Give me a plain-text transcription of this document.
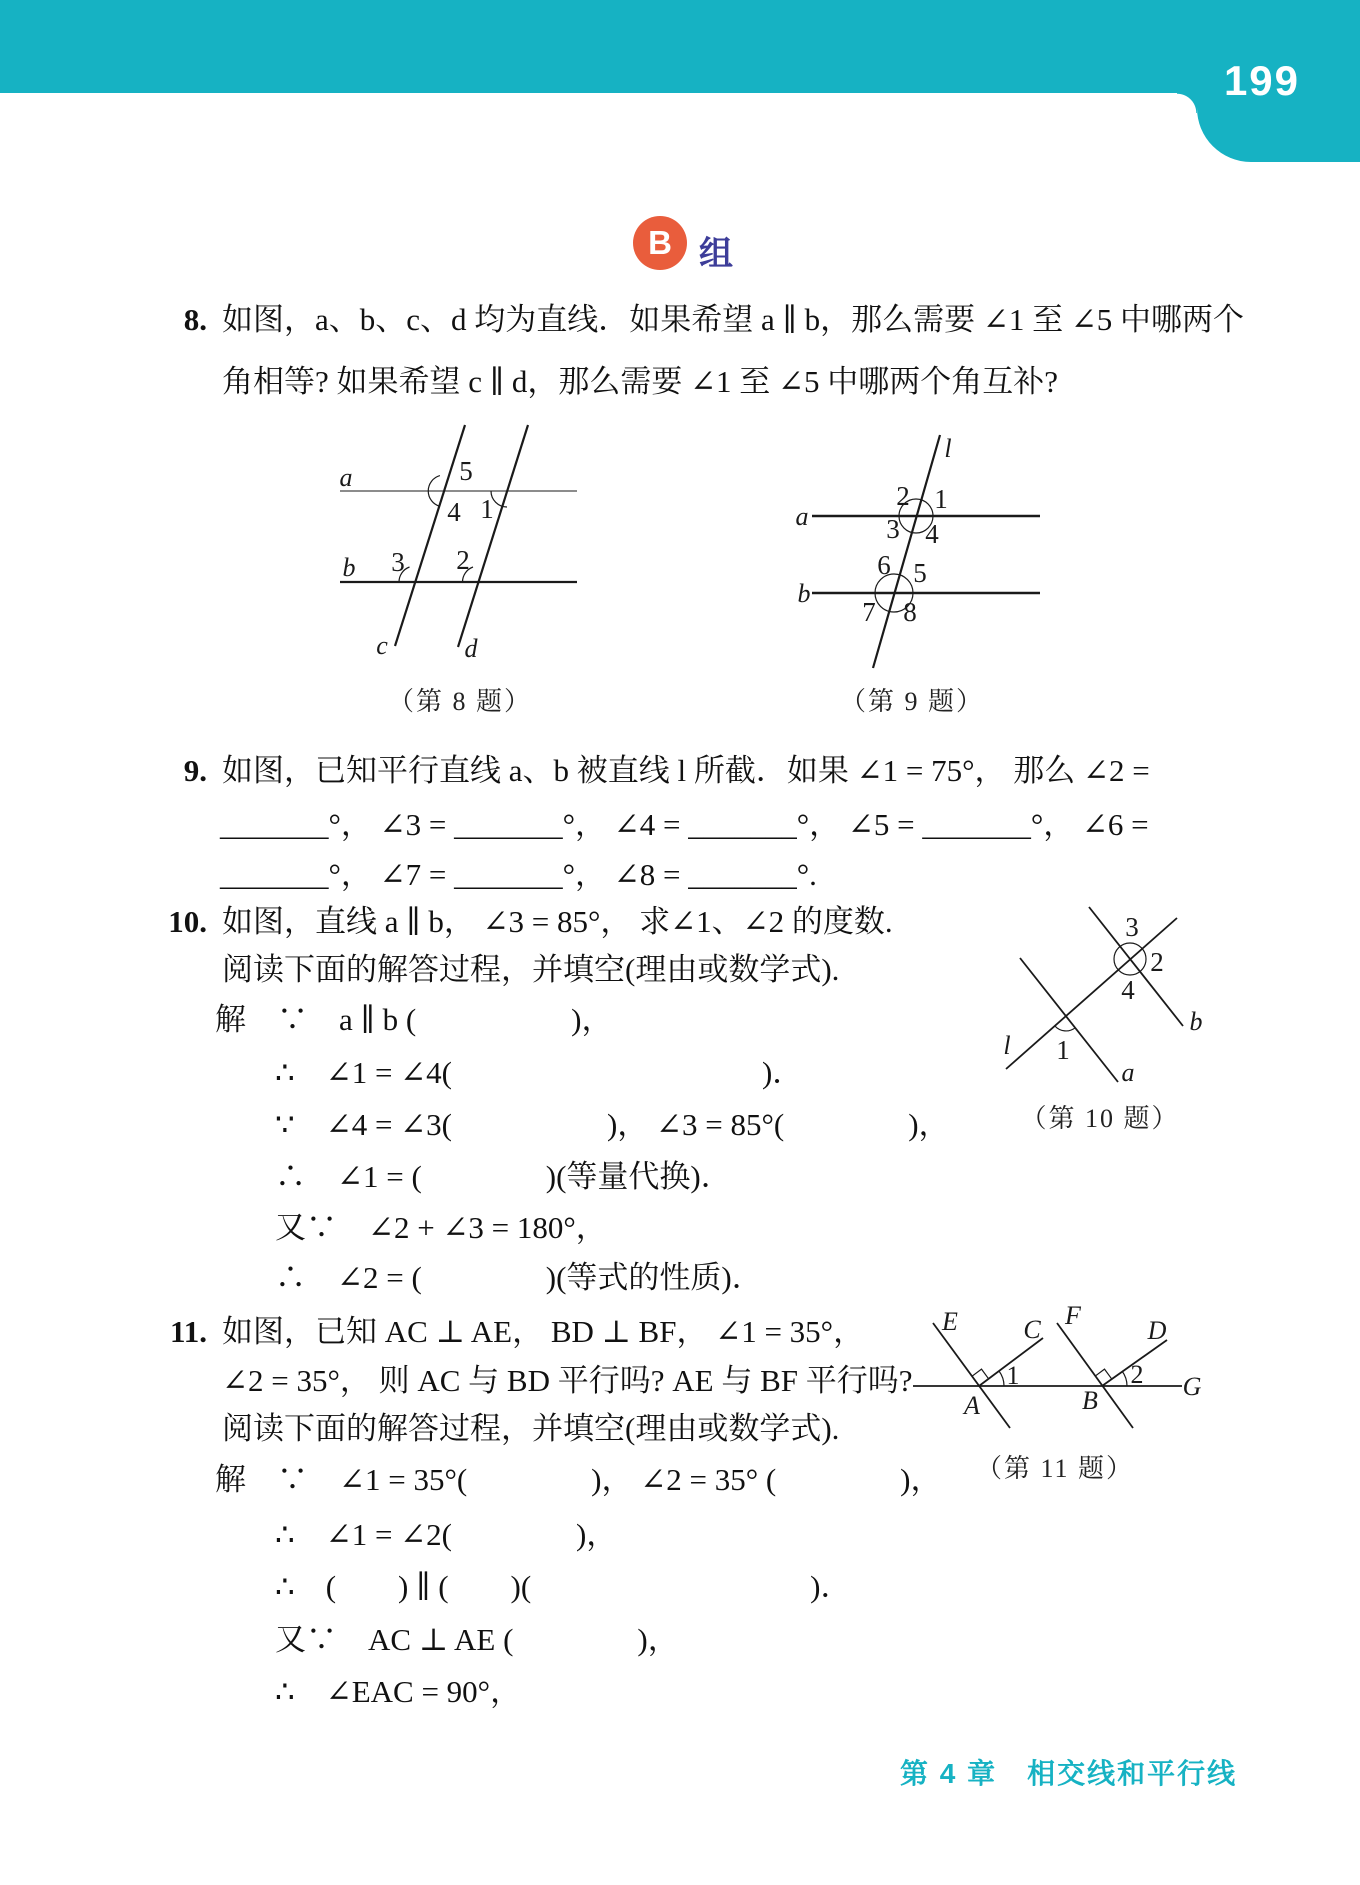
199
B 组
8. 如图，a、b、c、d 均为直线．如果希望 a ∥ b，那么需要 ∠1 至 ∠5 中哪两个
角相等? 如果希望 c ∥ d，那么需要 ∠1 至 ∠5 中哪两个角互补?
a
b
c	d
5
4 1
3 2
（第 8 题）
l
a
b
2 1
3 4
6 5
7 8
（第 9 题）
9. 如图，已知平行直线 a、b 被直线 l 所截．如果 ∠1 = 75°， 那么 ∠2 =
_______°， ∠3 = _______°， ∠4 = _______°， ∠5 = _______°， ∠6 =
_______°， ∠7 = _______°， ∠8 = _______°.
10. 如图，直线 a ∥ b， ∠3 = 85°， 求∠1、∠2 的度数.
阅读下面的解答过程，并填空(理由或数学式).
解　∵　a ∥ b (　　　　　)，
∴　∠1 = ∠4(　　　　　　　　　　)．
∵　∠4 = ∠3(　　　　　)， ∠3 = 85°(　　　　)，
∴　∠1 = (　　　　)(等量代换)．
又∵　∠2 + ∠3 = 180°，
∴　∠2 = (　　　　)(等式的性质)．
a
b
l
3
2
4
1
（第 10 题）
11. 如图，已知 AC ⊥ AE， BD ⊥ BF， ∠1 = 35°，
∠2 = 35°， 则 AC 与 BD 平行吗? AE 与 BF 平行吗?
阅读下面的解答过程，并填空(理由或数学式).
解　∵　∠1 = 35°(　　　　)， ∠2 = 35° (　　　　)，
∴　∠1 = ∠2(　　　　)，
∴　(　　) ∥ (　　)(　　　　　　　　　)．
又∵　AC ⊥ AE (　　　　)，
∴　∠EAC = 90°，
E	C F
D
G
A	B
1	2
（第 11 题）
第 4 章　相交线和平行线
